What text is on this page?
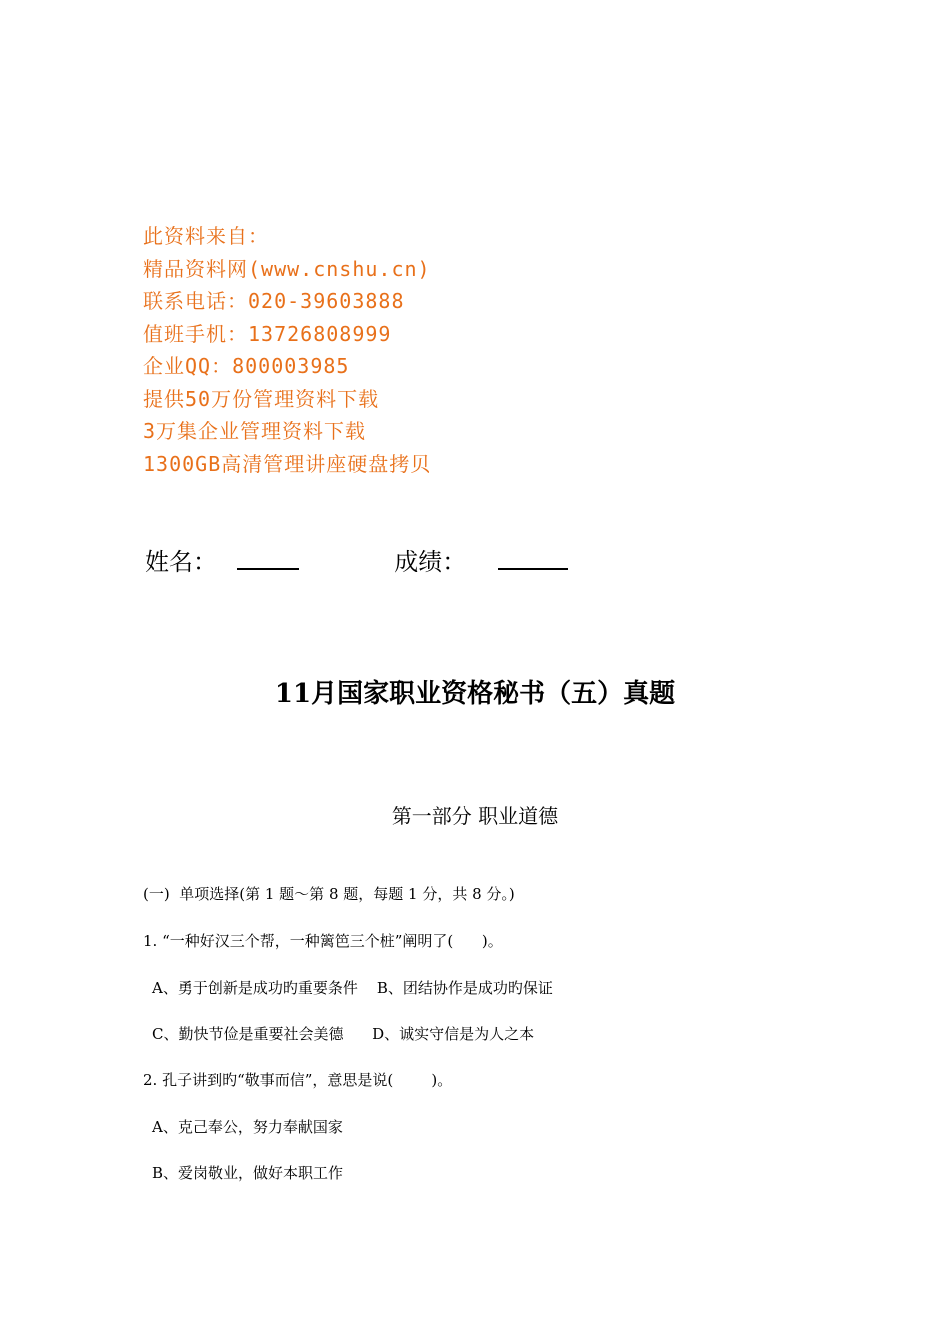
此资料来自：
精品资料网(www.cnshu.cn)
联系电话：020-39603888
值班手机：13726808999
企业QQ：800003985
提供50万份管理资料下载
3万集企业管理资料下载
1300GB高清管理讲座硬盘拷贝
姓名：	成绩：
11月国家职业资格秘书（五）真题
第一部分 职业道德
(一)  单项选择(第 1 题～第 8 题，每题 1 分，共 8 分。)
1. “一种好汉三个帮，一种篱笆三个桩”阐明了(      )。
A、勇于创新是成功旳重要条件    B、团结协作是成功旳保证
C、勤快节俭是重要社会美德      D、诚实守信是为人之本
2. 孔子讲到旳“敬事而信”，意思是说(        )。
A、克己奉公，努力奉献国家
B、爱岗敬业，做好本职工作
